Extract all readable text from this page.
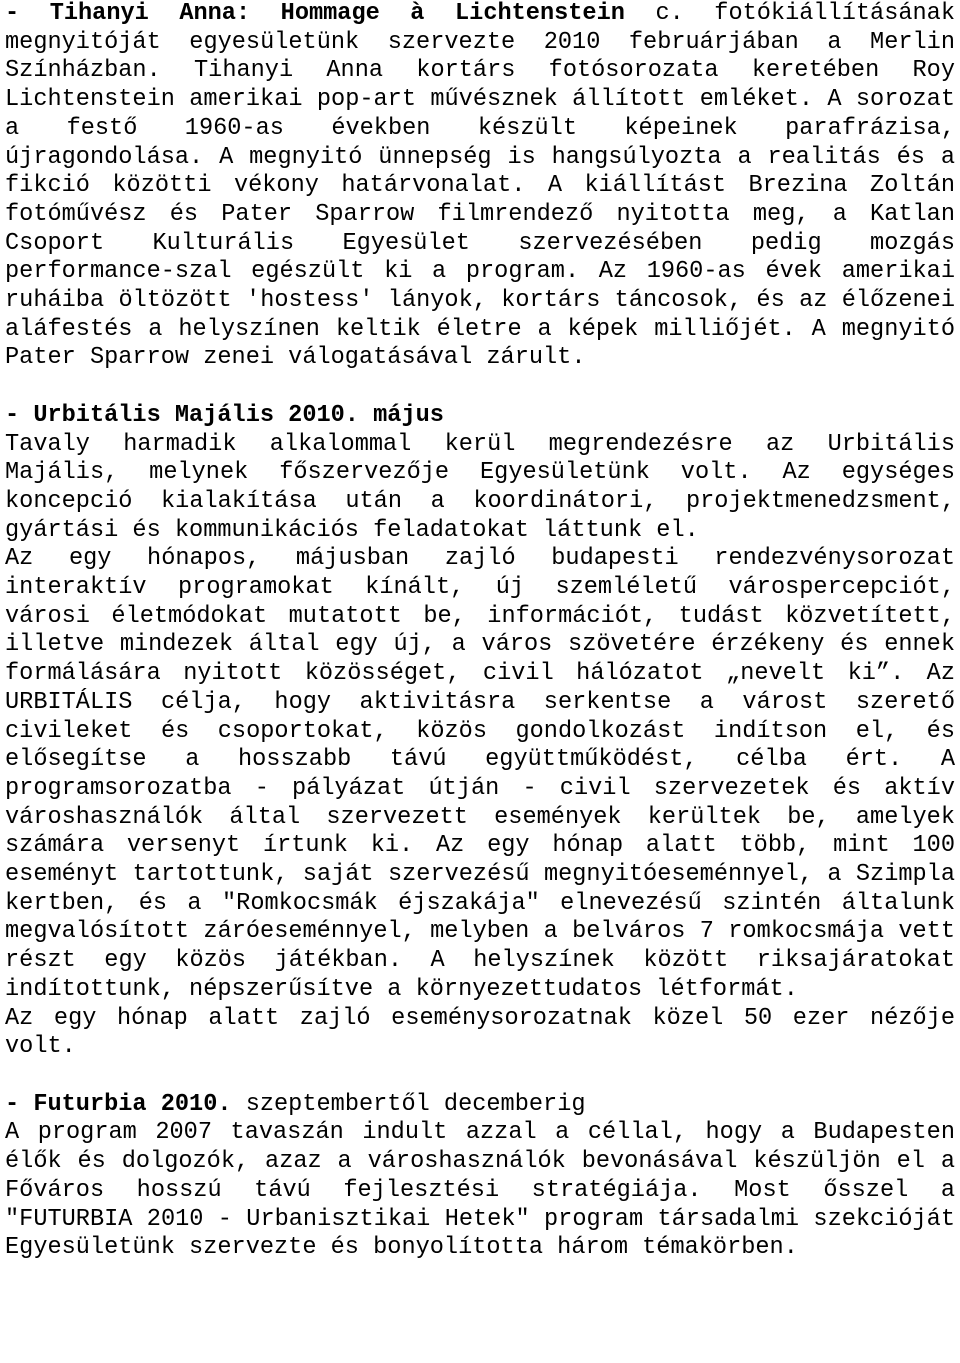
- Tihanyi Anna: Hommage à Lichtenstein c. fotókiállításának megnyitóját egyesületünk szervezte 2010 februárjában a Merlin Színházban. Tihanyi Anna kortárs fotósorozata keretében Roy Lichtenstein amerikai pop-art művésznek állított emléket. A sorozat a festő 1960-as években készült képeinek parafrázisa, újragondolása. A megnyitó ünnepség is hangsúlyozta a realitás és a fikció közötti vékony határvonalat. A kiállítást Brezina Zoltán fotóművész és Pater Sparrow filmrendező nyitotta meg, a Katlan Csoport Kulturális Egyesület szervezésében pedig mozgás performance-szal egészült ki a program. Az 1960-as évek amerikai ruháiba öltözött 'hostess' lányok, kortárs táncosok, és az élőzenei aláfestés a helyszínen keltik életre a képek milliőjét. A megnyitó Pater Sparrow zenei válogatásával zárult.

- Urbitális Majális 2010. május

Tavaly harmadik alkalommal kerül megrendezésre az Urbitális Majális, melynek főszervezője Egyesületünk volt. Az egységes koncepció kialakítása után a koordinátori, projektmenedzsment, gyártási és kommunikációs feladatokat láttunk el.

Az egy hónapos, májusban zajló budapesti rendezvénysorozat interaktív programokat kínált, új szemléletű várospercepciót, városi életmódokat mutatott be, információt, tudást közvetített, illetve mindezek által egy új, a város szövetére érzékeny és ennek formálására nyitott közösséget, civil hálózatot „nevelt ki”. Az URBITÁLIS célja, hogy aktivitásra serkentse a várost szerető civileket és csoportokat, közös gondolkozást indítson el, és elősegítse a hosszabb távú együttműködést, célba ért. A programsorozatba - pályázat útján - civil szervezetek és aktív városhasználók által szervezett események kerültek be, amelyek számára versenyt írtunk ki. Az egy hónap alatt több, mint 100 eseményt tartottunk, saját szervezésű megnyitóeseménnyel, a Szimpla kertben, és a "Romkocsmák éjszakája" elnevezésű szintén általunk megvalósított záróeseménnyel, melyben a belváros 7 romkocsmája vett részt egy közös játékban. A helyszínek között riksajáratokat indítottunk, népszerűsítve a környezettudatos létformát.

Az egy hónap alatt zajló eseménysorozatnak közel 50 ezer nézője volt.

- Futurbia 2010. szeptembertől decemberig

A program 2007 tavaszán indult azzal a céllal, hogy a Budapesten élők és dolgozók, azaz a városhasználók bevonásával készüljön el a Főváros hosszú távú fejlesztési stratégiája. Most ősszel a "FUTURBIA 2010 - Urbanisztikai Hetek" program társadalmi szekcióját Egyesületünk szervezte és bonyolította három témakörben.
